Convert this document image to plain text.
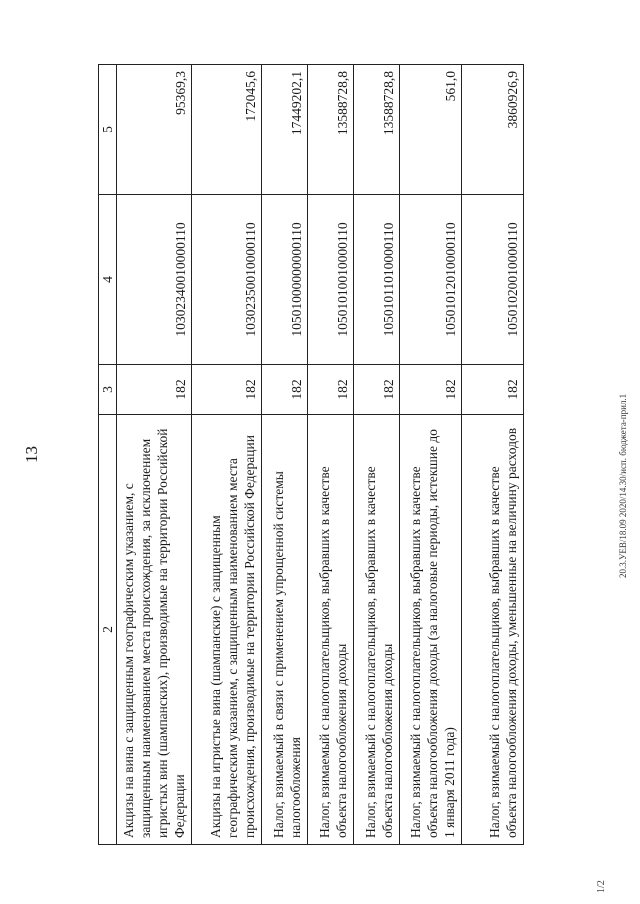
13	20.3.УЕВ/18.09 2020/14.30/исп. бюджета-прил.1
1/2
2	3	4	5
Акцизы на вина с защищенным географическим указанием, с защищенным наименованием места происхождения, за исключением игристых вин (шампанских), производимые на территории Российской Федерации	182	10302340010000110	95369,3
Акцизы на игристые вина (шампанские) с защищенным географическим указанием, с защищенным наименованием места происхождения, производимые на территории Российской Федерации	182	10302350010000110	172045,6
Налог, взимаемый в связи с применением упрощенной системы налогообложения	182	10501000000000110	17449202,1
Налог, взимаемый с налогоплательщиков, выбравших в качестве объекта налогообложения доходы	182	10501010010000110	13588728,8
Налог, взимаемый с налогоплательщиков, выбравших в качестве объекта налогообложения доходы	182	10501011010000110	13588728,8
Налог, взимаемый с налогоплательщиков, выбравших в качестве объекта налогообложения доходы (за налоговые периоды, истекшие до 1 января 2011 года)	182	10501012010000110	561,0
Налог, взимаемый с налогоплательщиков, выбравших в качестве объекта налогообложения доходы, уменьшенные на величину расходов	182	10501020010000110	3860926,9
